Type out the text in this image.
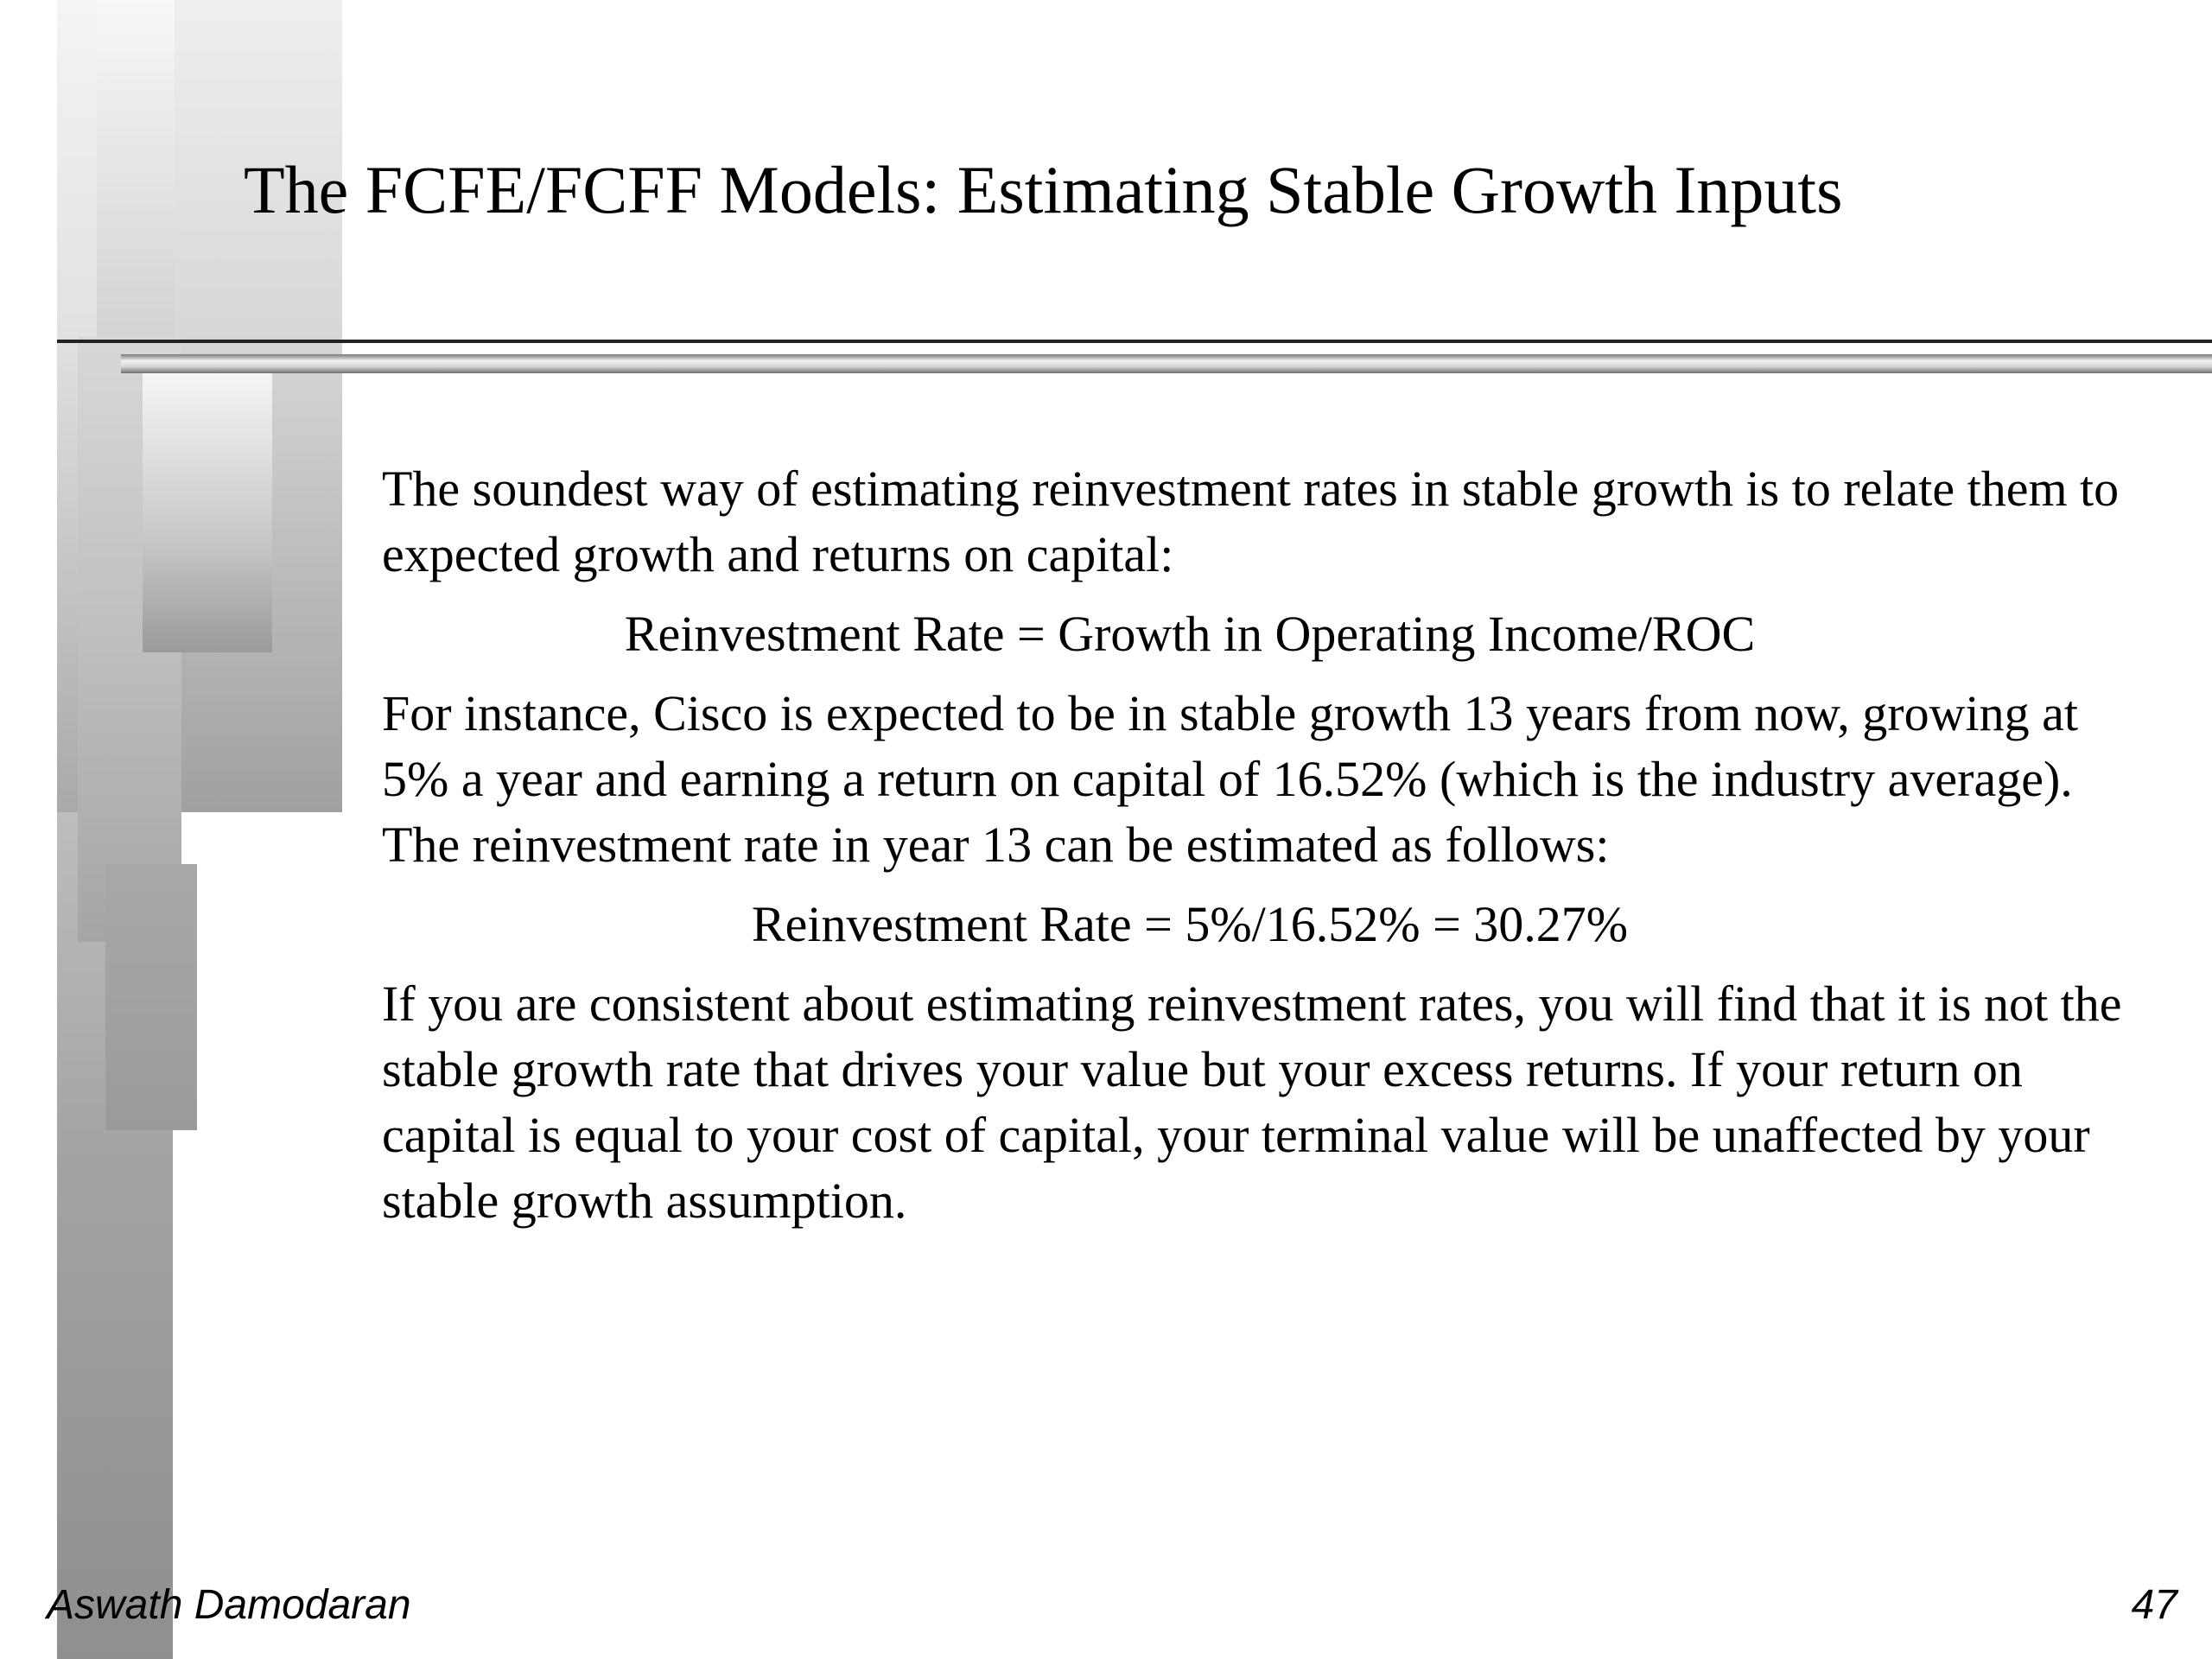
The FCFE/FCFF Models: Estimating Stable Growth Inputs

The soundest way of estimating reinvestment rates in stable growth is to relate them to expected growth and returns on capital:

Reinvestment Rate = Growth in Operating Income/ROC

For instance, Cisco is expected to be in stable growth 13 years from now, growing at 5% a year and earning a return on capital of 16.52% (which is the industry average). The reinvestment rate in year 13 can be estimated as follows:

Reinvestment Rate = 5%/16.52% = 30.27%

If you are consistent about estimating reinvestment rates, you will find that it is not the stable growth rate that drives your value but your excess returns. If your return on capital is equal to your cost of capital, your terminal value will be unaffected by your stable growth assumption.

Aswath Damodaran	47
